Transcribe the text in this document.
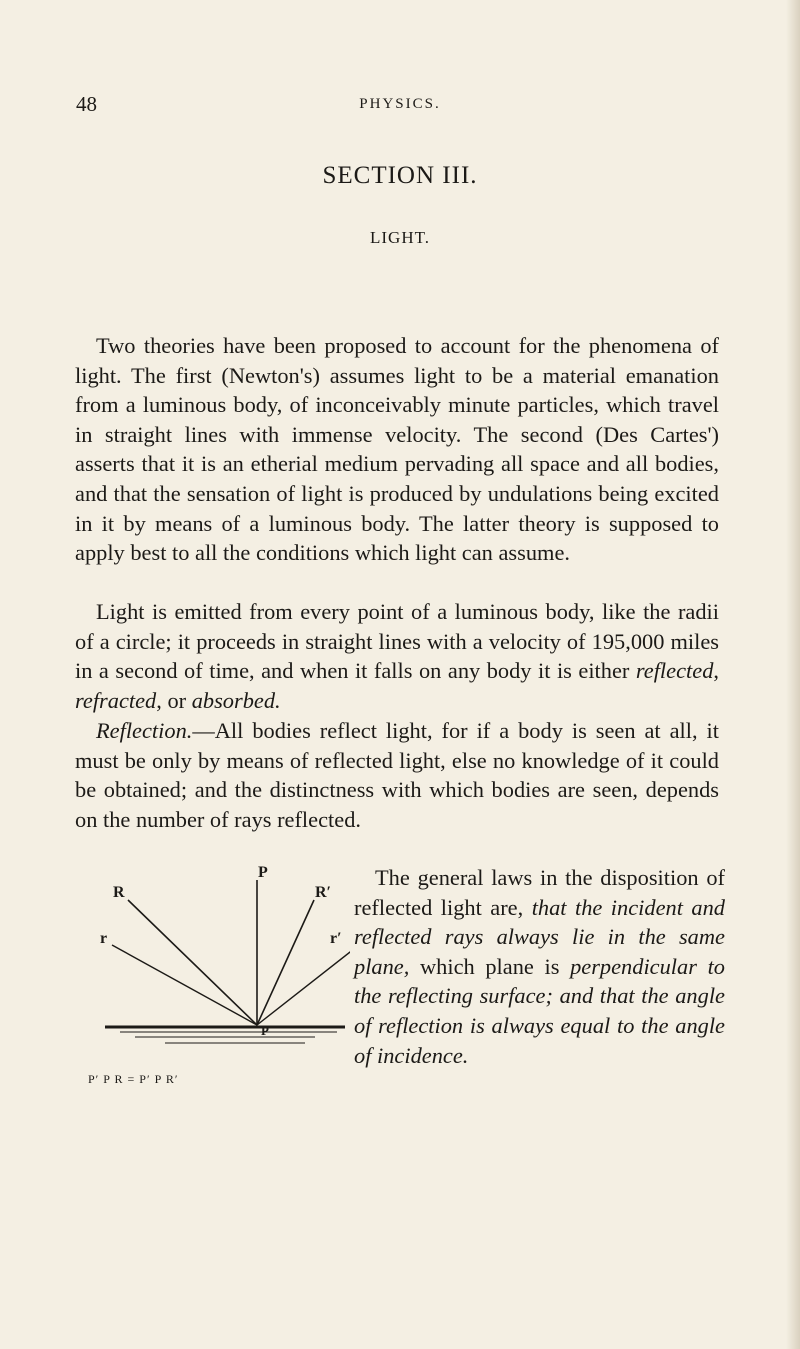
48	PHYSICS.
SECTION III.
LIGHT.

Two theories have been proposed to account for the phenomena of light. The first (Newton's) assumes light to be a material emanation from a luminous body, of inconceivably minute particles, which travel in straight lines with immense velocity. The second (Des Cartes') asserts that it is an etherial medium pervading all space and all bodies, and that the sensation of light is produced by undulations being excited in it by means of a luminous body. The latter theory is supposed to apply best to all the conditions which light can assume.

Light is emitted from every point of a luminous body, like the radii of a circle; it proceeds in straight lines with a velocity of 195,000 miles in a second of time, and when it falls on any body it is either reflected, refracted, or absorbed.

Reflection.—All bodies reflect light, for if a body is seen at all, it must be only by means of reflected light, else no knowledge of it could be obtained; and the distinctness with which bodies are seen, depends on the number of rays reflected.

R
P
R′
r	r′
P
P′ P R = P′ P R′

The general laws in the disposition of reflected light are, that the incident and reflected rays always lie in the same plane, which plane is perpendicular to the reflecting surface; and that the angle of reflection is always equal to the angle of incidence.
